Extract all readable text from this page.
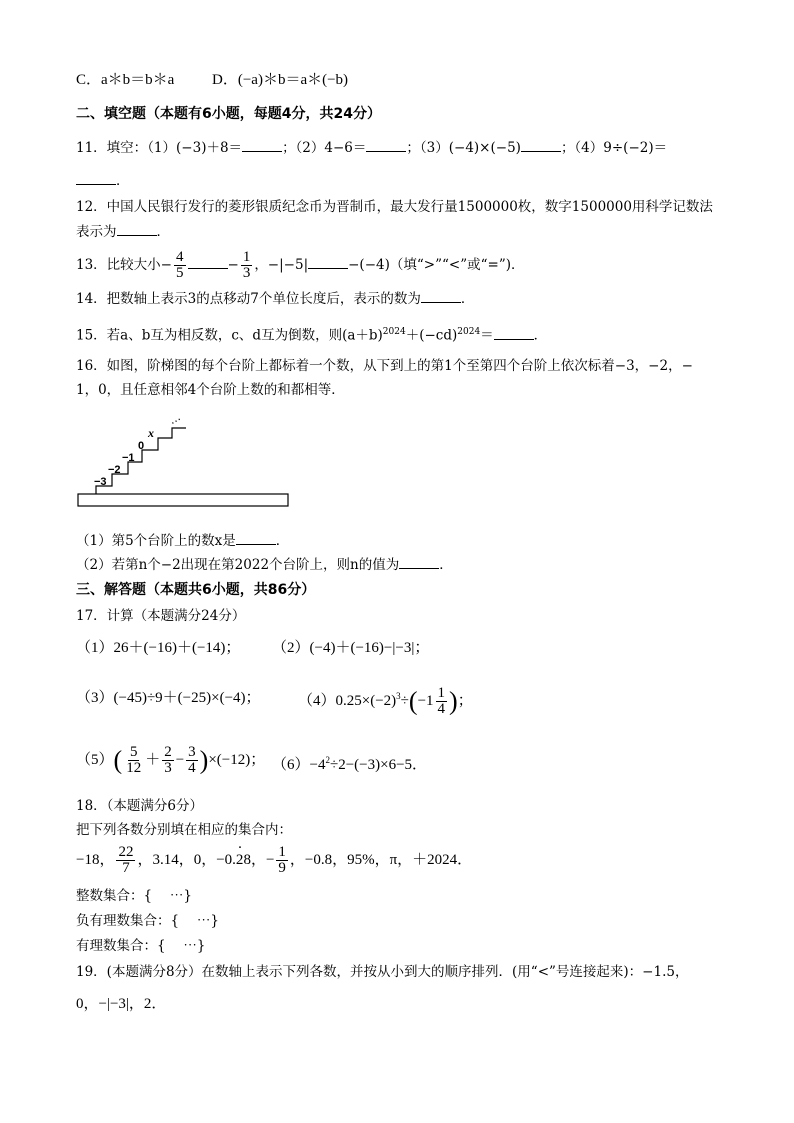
C．a＊b＝b＊a	D．(−a)＊b＝a＊(−b)
二、填空题（本题有6小题，每题4分，共24分）
11．填空：（1）(−3)＋8＝	；（2）4−6＝	；（3）(−4)×(−5)	；（4）9÷(−2)＝
．
12．中国人民银行发行的菱形银质纪念币为晋制币，最大发行量1500000枚，数字1500000用科学记数法
表示为	．
13．比较大小− $\frac{4}{5}$	− $\frac{1}{3}$ ，−|−5|	−(−4)（填“>”“<”或“=”)．
14．把数轴上表示3的点移动7个单位长度后，表示的数为	．
15．若a、b互为相反数，c、d互为倒数，则$(a+b)^{2024}+(-cd)^{2024}=$	．
16．如图，阶梯图的每个台阶上都标着一个数，从下到上的第1个至第四个台阶上依次标着−3，−2，−
1，0，且任意相邻4个台阶上数的和都相等．
−3
−2
−1
0
x
⋯
（1）第5个台阶上的数x是	．
（2）若第n个−2出现在第2022个台阶上，则n的值为	．
三、解答题（本题共6小题，共86分）
17．计算（本题满分24分）
（1）26＋(−16)＋(−14)； （2）(−4)＋(−16)−|−3|；
（3）(−45)÷9＋(−25)×(−4)； $(4)0.25\times(-2)^3\div(-1 \frac{1}{4}$ )；
$(5)( \frac{5}{12} + \frac{2}{3} - \frac{3}{4} )\times(-12)$； $(6)-4^2\div 2-(-3)\times 6-5$．
18．（本题满分6分）
把下列各数分别填在相应的集合内：
−18， $\frac{22}{7}$ ，3.14，0，−0.2
·
8，− $\frac{1}{9}$ ，−0.8，95%，π，＋2024．
整数集合：{　 ⋯}
负有理数集合：{　 ⋯}
有理数集合：{　 ⋯}
19．(本题满分8分）在数轴上表示下列各数，并按从小到大的顺序排列．(用“<”号连接起来)：−1.5，
0，−|−3|，2．
